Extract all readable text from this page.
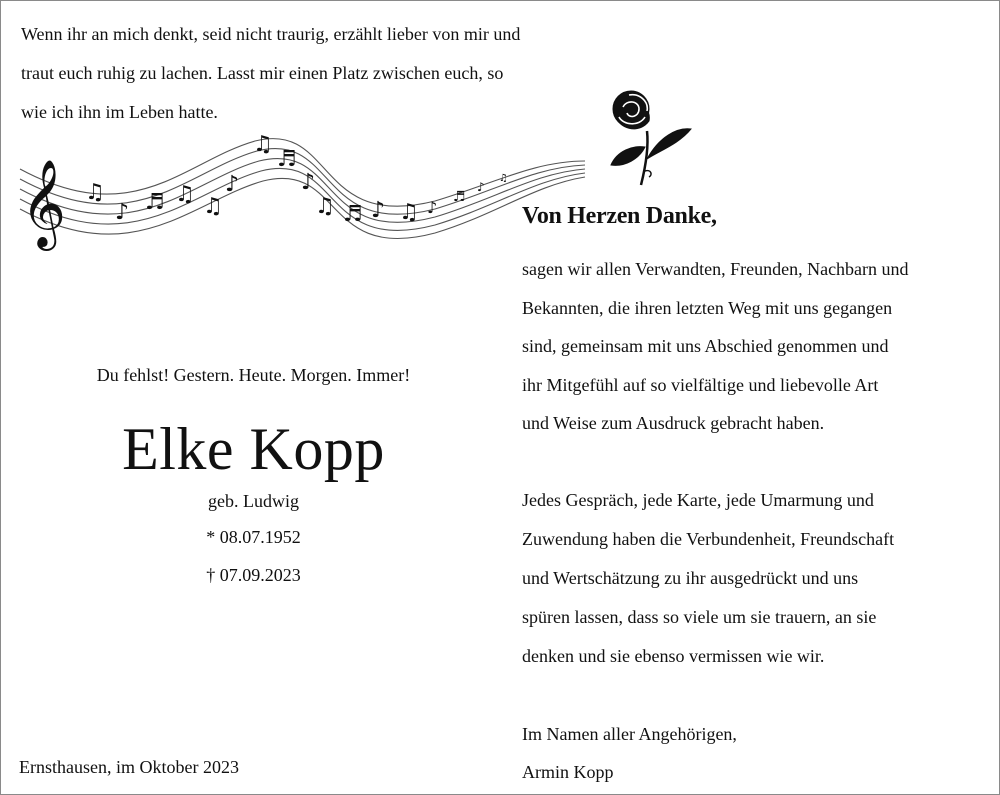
Wenn ihr an mich denkt, seid nicht traurig, erzählt lieber von mir und
traut euch ruhig zu lachen. Lasst mir einen Platz zwischen euch, so
wie ich ihn im Leben hatte.

𝄞 ♫
♪ ♬ ♫ ♫
♪
♫
♬
♪
♫ ♬ ♪ ♫ ♪
♬
♪
♫
Du fehlst! Gestern. Heute. Morgen. Immer!
Elke Kopp
geb. Ludwig
* 08.07.1952
† 07.09.2023
Ernsthausen, im Oktober 2023
Von Herzen Danke,
sagen wir allen Verwandten, Freunden, Nachbarn und
Bekannten, die ihren letzten Weg mit uns gegangen
sind, gemeinsam mit uns Abschied genommen und
ihr Mitgefühl auf so vielfältige und liebevolle Art
und Weise zum Ausdruck gebracht haben.
Jedes Gespräch, jede Karte, jede Umarmung und
Zuwendung haben die Verbundenheit, Freundschaft
und Wertschätzung zu ihr ausgedrückt und uns
spüren lassen, dass so viele um sie trauern, an sie
denken und sie ebenso vermissen wie wir.
Im Namen aller Angehörigen,
Armin Kopp
